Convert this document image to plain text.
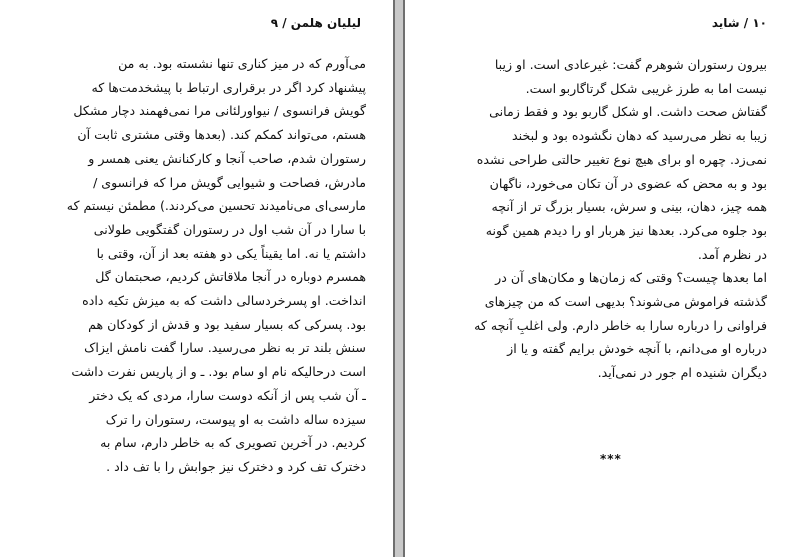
لیلیان هلمن / ۹

می‌آورم که در میز کناری تنها نشسته بود. به من
پیشنهاد کرد اگر در برقراری ارتباط با پیشخدمت‌ها که
گویش فرانسوی / نیواورلئانی مرا نمی‌فهمند دچار مشکل
هستم، می‌تواند کمکم کند. (بعدها وقتی مشتری ثابت آن
رستوران شدم، صاحب آنجا و کارکنانش یعنی همسر و
مادرش، فصاحت و شیوایی گویش مرا که فرانسوی /
مارسی‌ای می‌نامیدند تحسین می‌کردند.) مطمئن نیستم که
با سارا در آن شب اول در رستوران گفتگویی طولانی
داشتم یا نه. اما یقیناً یکی دو هفته بعد از آن، وقتی با
همسرم دوباره در آنجا ملاقاتش کردیم، صحبتمان گل
انداخت. او پسرخردسالی داشت که به میزش تکیه داده
بود. پسرکی که بسیار سفید بود و قدش از کودکان هم
سنش بلند تر به نظر می‌رسید. سارا گفت نامش ایزاک
است درحالیکه نام او سام بود. ـ و از پاریس نفرت داشت
ـ آن شب پس از آنکه دوست سارا، مردی که یک دختر
سیزده ساله داشت به او پیوست، رستوران را ترک
کردیم. در آخرین تصویری که به خاطر دارم، سام به
دخترک تف کرد و دخترک نیز جوابش را با تف داد .

۱۰ / شاید

بیرون رستوران شوهرم گفت: غیرعادی است. او زیبا
نیست اما به طرز غریبی شکل گرتاگاربو است.
گفتاش صحت داشت. او شکل گاربو بود و فقط زمانی
زیبا به نظر می‌رسید که دهان نگشوده بود و لبخند
نمی‌زد. چهره او برای هیچ نوع تغییر حالتی طراحی نشده
بود و به محض که عضوی در آن تکان می‌خورد، ناگهان
همه چیز، دهان، بینی و سرش، بسیار بزرگ تر از آنچه
بود جلوه می‌کرد. بعدها نیز هربار او را دیدم همین گونه
در نظرم آمد.
اما بعدها چیست؟ وقتی که زمان‌ها و مکان‌های آن در
گذشته فراموش می‌شوند؟ بدیهی است که من چیزهای
فراوانی را درباره سارا به خاطر دارم. ولی اغلبِ آنچه که
درباره او می‌دانم، با آنچه خودش برایم گفته و یا از
دیگران شنیده ام جور در نمی‌آید.

***
